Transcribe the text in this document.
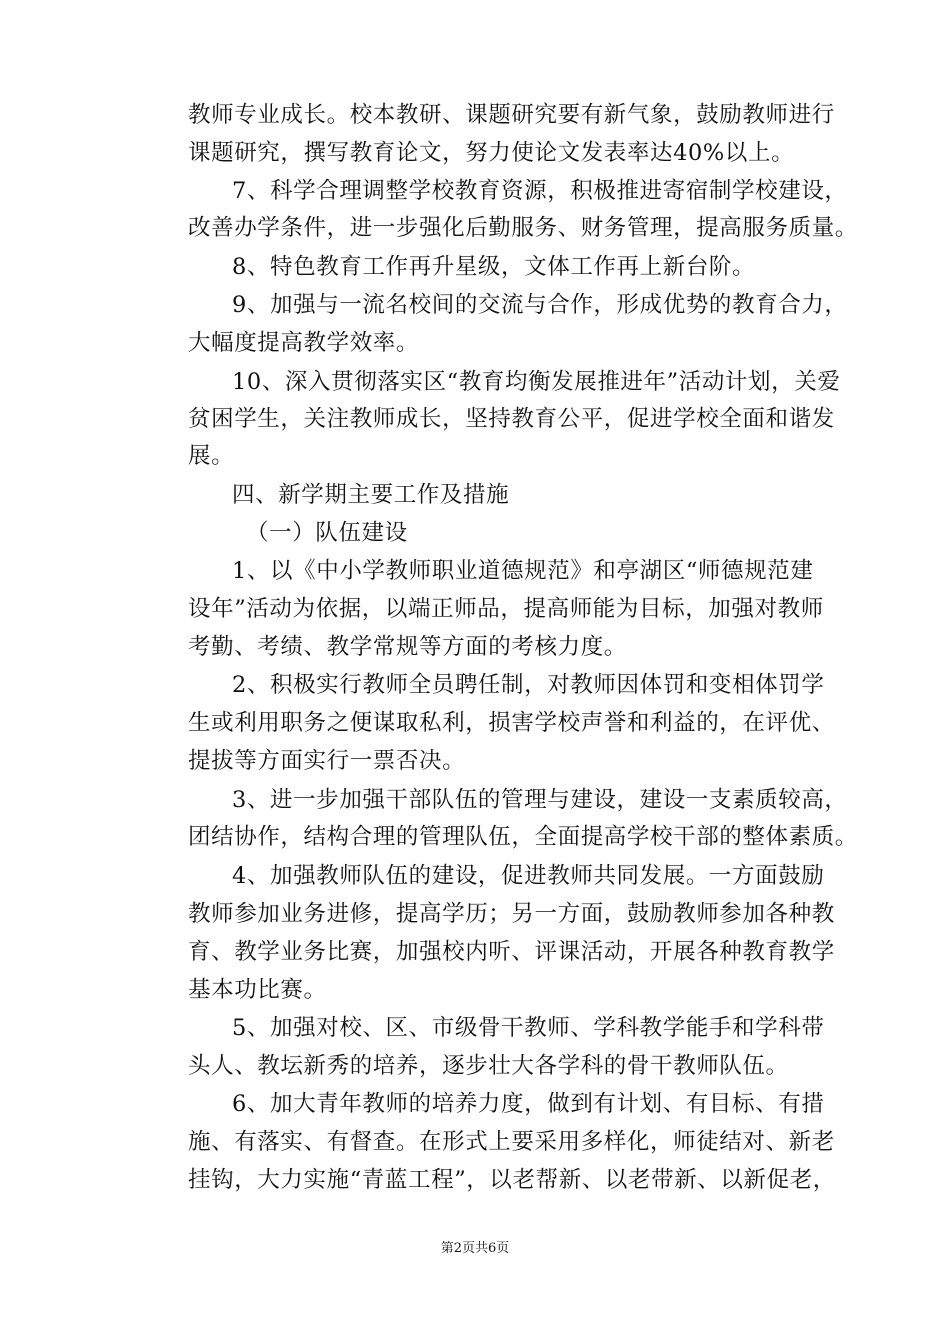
教师专业成长。校本教研、课题研究要有新气象，鼓励教师进行
课题研究，撰写教育论文，努力使论文发表率达40%以上。
7、科学合理调整学校教育资源，积极推进寄宿制学校建设，
改善办学条件，进一步强化后勤服务、财务管理，提高服务质量。
8、特色教育工作再升星级，文体工作再上新台阶。
9、加强与一流名校间的交流与合作，形成优势的教育合力，
大幅度提高教学效率。
10、深入贯彻落实区“教育均衡发展推进年”活动计划，关爱
贫困学生，关注教师成长，坚持教育公平，促进学校全面和谐发
展。
四、新学期主要工作及措施
（一）队伍建设
1、以《中小学教师职业道德规范》和亭湖区“师德规范建
设年”活动为依据，以端正师品，提高师能为目标，加强对教师
考勤、考绩、教学常规等方面的考核力度。
2、积极实行教师全员聘任制，对教师因体罚和变相体罚学
生或利用职务之便谋取私利，损害学校声誉和利益的，在评优、
提拔等方面实行一票否决。
3、进一步加强干部队伍的管理与建设，建设一支素质较高，
团结协作，结构合理的管理队伍，全面提高学校干部的整体素质。
4、加强教师队伍的建设，促进教师共同发展。一方面鼓励
教师参加业务进修，提高学历；另一方面，鼓励教师参加各种教
育、教学业务比赛，加强校内听、评课活动，开展各种教育教学
基本功比赛。
5、加强对校、区、市级骨干教师、学科教学能手和学科带
头人、教坛新秀的培养，逐步壮大各学科的骨干教师队伍。
6、加大青年教师的培养力度，做到有计划、有目标、有措
施、有落实、有督查。在形式上要采用多样化，师徒结对、新老
挂钩，大力实施“青蓝工程”，以老帮新、以老带新、以新促老，
第2页共6页
